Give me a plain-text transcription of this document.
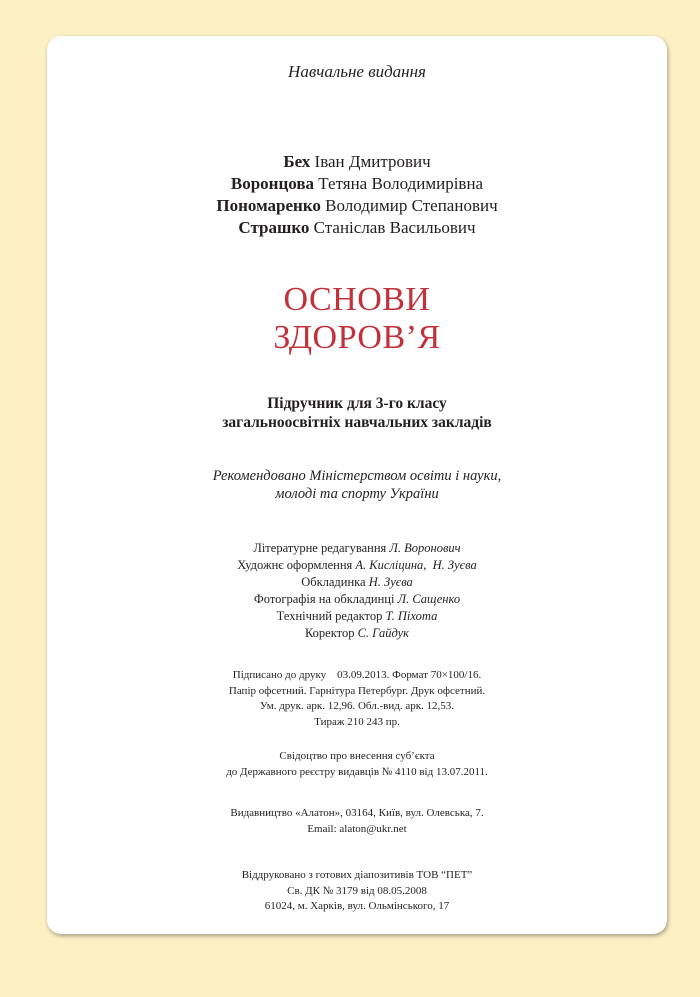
Навчальне видання
Бех Іван Дмитрович
Воронцова Тетяна Володимирівна
Пономаренко Володимир Степанович
Страшко Станіслав Васильович
ОСНОВИ
ЗДОРОВ’Я
Підручник для 3-го класу
загальноосвітніх навчальних закладів
Рекомендовано Міністерством освіти і науки,
молоді та спорту України
Літературне редагування Л. Воронович
Художнє оформлення А. Кисліцина,  Н. Зуєва
Обкладинка Н. Зуєва
Фотографія на обкладинці Л. Сащенко
Технічний редактор Т. Піхота
Коректор С. Гайдук
Підписано до друку    03.09.2013. Формат 70×100/16.
Папір офсетний. Гарнітура Петербург. Друк офсетний.
Ум. друк. арк. 12,96. Обл.-вид. арк. 12,53.
Тираж 210 243 пр.
Свідоцтво про внесення суб’єкта
до Державного реєстру видавців № 4110 від 13.07.2011.
Видавництво «Алатон», 03164, Київ, вул. Олевська, 7.
Email: alaton@ukr.net
Віддруковано з готових діапозитивів ТОВ “ПЕТ”
Св. ДК № 3179 від 08.05.2008
61024, м. Харків, вул. Ольмінського, 17
